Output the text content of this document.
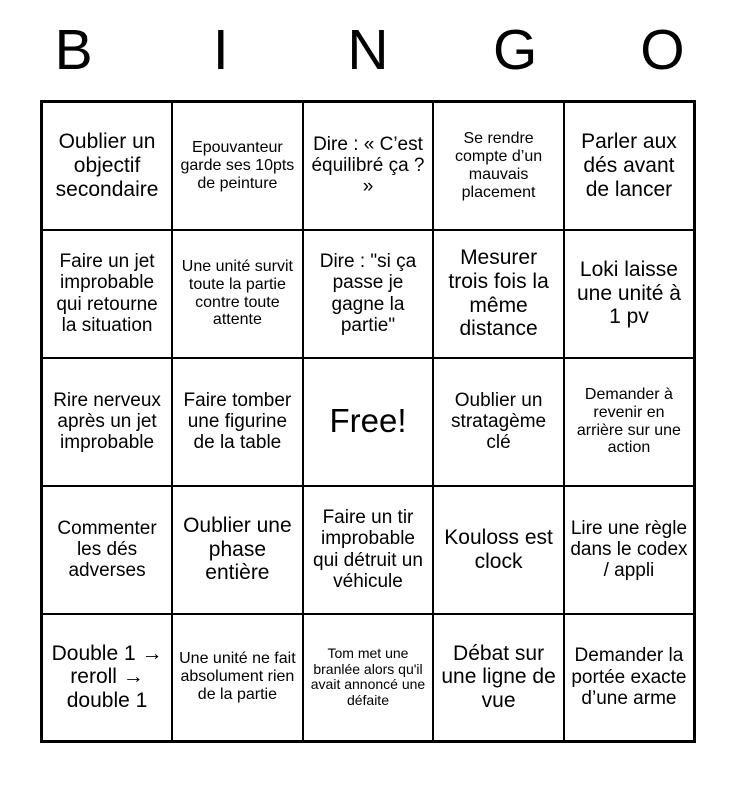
B	I	N	G	O
Oublier un objectif secondaire	Epouvanteur garde ses 10pts de peinture	Dire : « C’est équilibré ça ? »	Se rendre compte d’un mauvais placement	Parler aux dés avant de lancer
Faire un jet improbable qui retourne la situation	Une unité survit toute la partie contre toute attente	Dire : "si ça passe je gagne la partie"	Mesurer trois fois la même distance	Loki laisse une unité à 1 pv
Rire nerveux après un jet improbable	Faire tomber une figurine de la table	Free!	Oublier un stratagème clé	Demander à revenir en arrière sur une action
Commenter les dés adverses	Oublier une phase entière	Faire un tir improbable qui détruit un véhicule	Kouloss est clock	Lire une règle dans le codex / appli
Double 1 → reroll → double 1	Une unité ne fait absolument rien de la partie	Tom met une branlée alors qu'il avait annoncé une défaite	Débat sur une ligne de vue	Demander la portée exacte d’une arme
